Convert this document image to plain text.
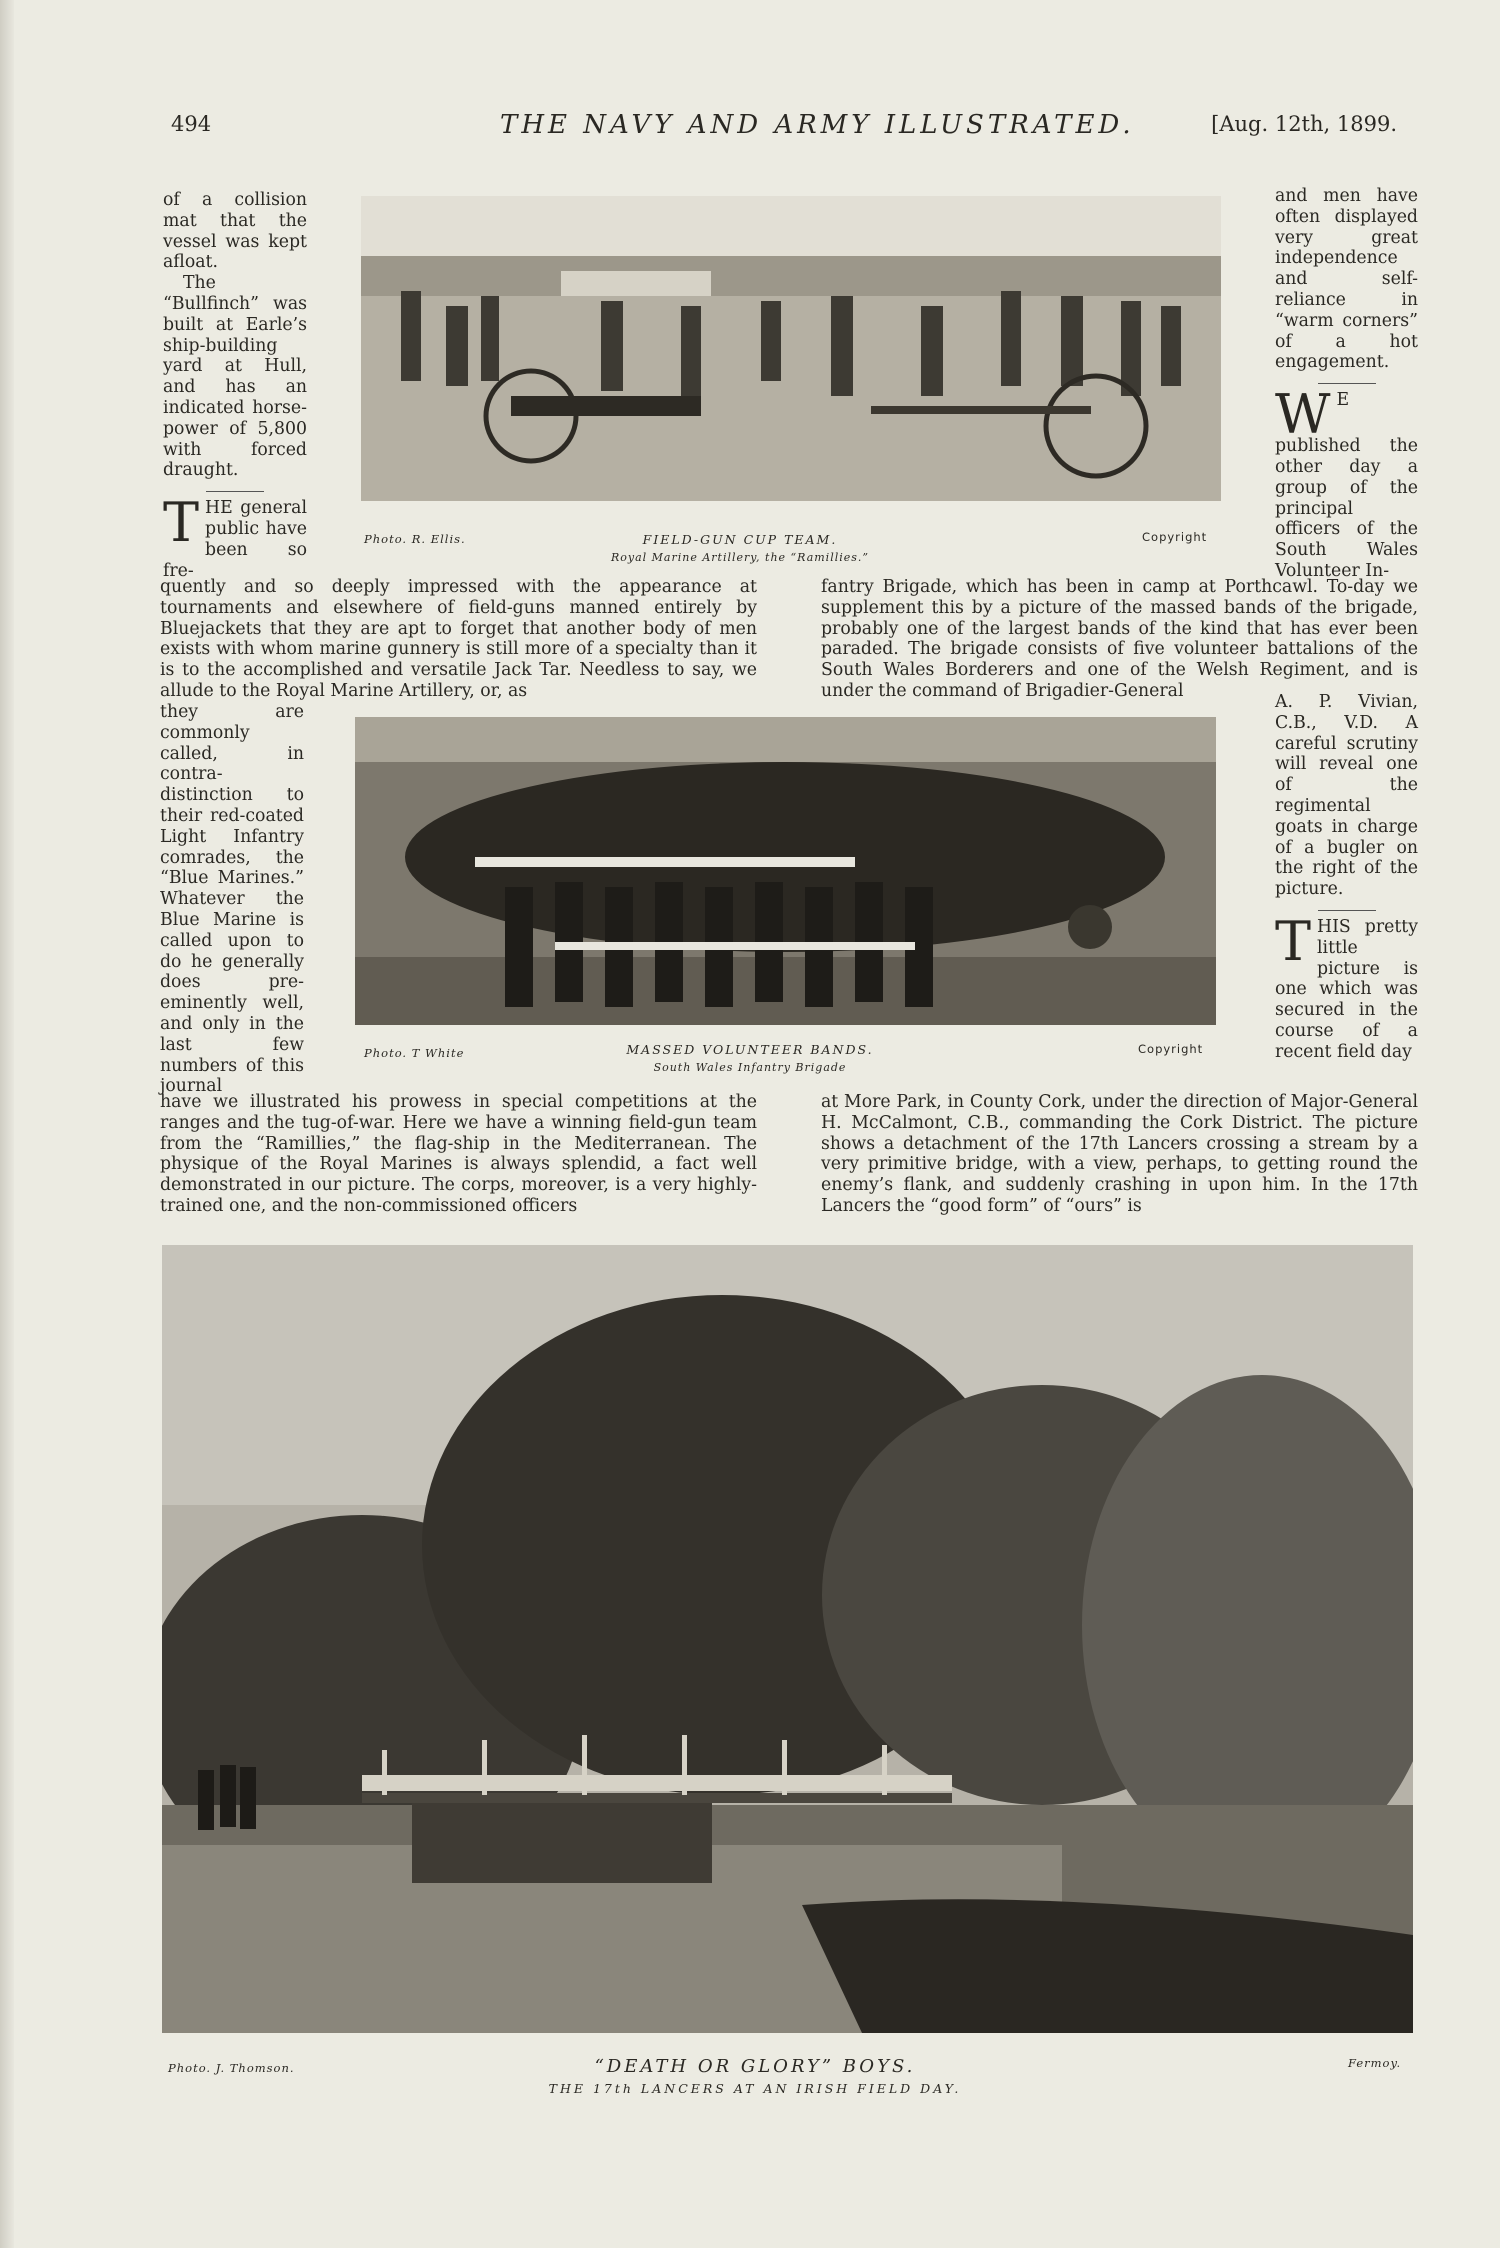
494	THE NAVY AND ARMY ILLUSTRATED.	[Aug. 12th, 1899.

of a collision mat that the vessel was kept afloat.

The “Bullfinch” was built at Earle’s ship-building yard at Hull, and has an indicated horse-power of 5,800 with forced draught.

THE general public have been so fre-

quently and so deeply impressed with the appearance at tournaments and elsewhere of field-guns manned entirely by Bluejackets that they are apt to forget that another body of men exists with whom marine gunnery is still more of a specialty than it is to the accomplished and versatile Jack Tar. Needless to say, we allude to the Royal Marine Artillery, or, as
they are commonly called, in contra-distinction to their red-coated Light Infantry comrades, the “Blue Marines.” Whatever the Blue Marine is called upon to do he generally does pre-eminently well, and only in the last few numbers of this journal
have we illustrated his prowess in special competitions at the ranges and the tug-of-war. Here we have a winning field-gun team from the “Ramillies,” the flag-ship in the Mediterranean. The physique of the Royal Marines is always splendid, a fact well demonstrated in our picture. The corps, moreover, is a very highly-trained one, and the non-commissioned officers

and men have often displayed very great independence and self-reliance in “warm corners” of a hot engagement.

W E published the other day a group of the principal officers of the South Wales Volunteer In-

fantry Brigade, which has been in camp at Porthcawl. To-day we supplement this by a picture of the massed bands of the brigade, probably one of the largest bands of the kind that has ever been paraded. The brigade consists of five volunteer battalions of the South Wales Borderers and one of the Welsh Regiment, and is under the command of Brigadier-General

A. P. Vivian, C.B., V.D. A careful scrutiny will reveal one of the regimental goats in charge of a bugler on the right of the picture.

THIS pretty little picture is one which was secured in the course of a recent field day

at More Park, in County Cork, under the direction of Major-General H. McCalmont, C.B., commanding the Cork District. The picture shows a detachment of the 17th Lancers crossing a stream by a very primitive bridge, with a view, perhaps, to getting round the enemy’s flank, and suddenly crashing in upon him. In the 17th Lancers the “good form” of “ours” is
Photo. R. Ellis.	FIELD-GUN CUP TEAM.
Royal Marine Artillery, the “Ramillies.”
Copyright
Photo. T White	MASSED VOLUNTEER BANDS.
South Wales Infantry Brigade
Copyright
Photo. J. Thomson.	“DEATH OR GLORY” BOYS.
THE 17th LANCERS AT AN IRISH FIELD DAY.
Fermoy.
